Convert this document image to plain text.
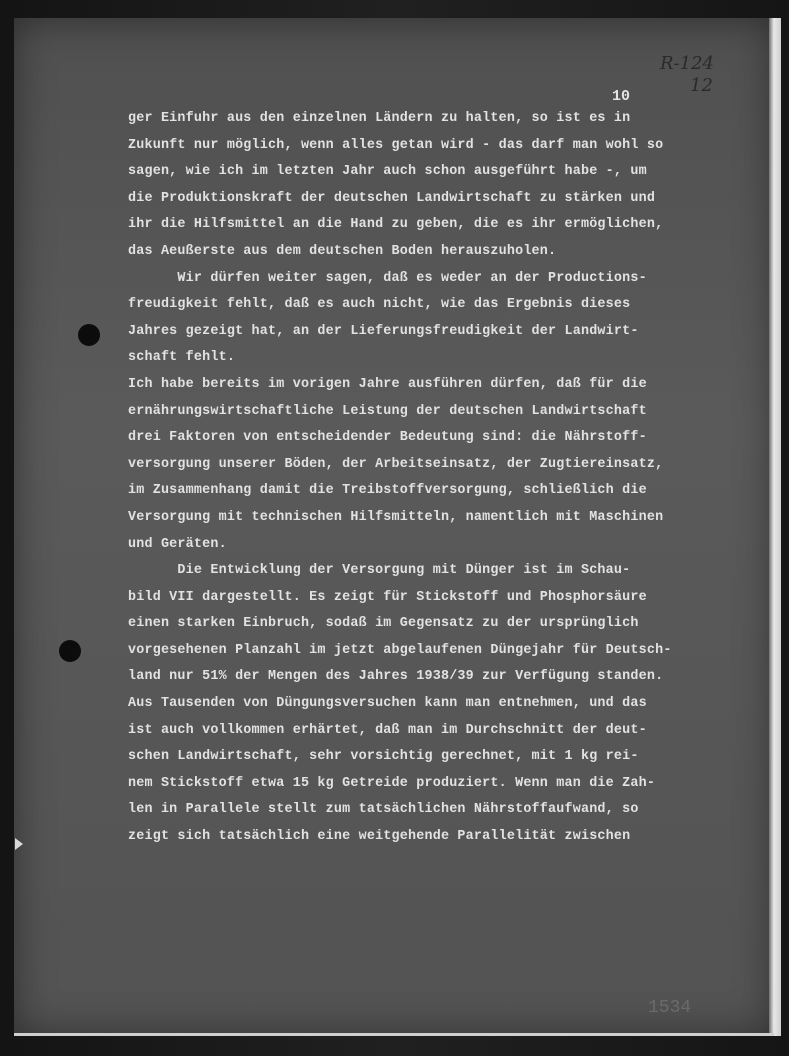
R-124
12
10
ger Einfuhr aus den einzelnen Ländern zu halten, so ist es in
Zukunft nur möglich, wenn alles getan wird - das darf man wohl so
sagen, wie ich im letzten Jahr auch schon ausgeführt habe -, um
die Produktionskraft der deutschen Landwirtschaft zu stärken und
ihr die Hilfsmittel an die Hand zu geben, die es ihr ermöglichen,
das Aeußerste aus dem deutschen Boden herauszuholen.
Wir dürfen weiter sagen, daß es weder an der Productions-
freudigkeit fehlt, daß es auch nicht, wie das Ergebnis dieses
Jahres gezeigt hat, an der Lieferungsfreudigkeit der Landwirt-
schaft fehlt.
Ich habe bereits im vorigen Jahre ausführen dürfen, daß für die
ernährungswirtschaftliche Leistung der deutschen Landwirtschaft
drei Faktoren von entscheidender Bedeutung sind: die Nährstoff-
versorgung unserer Böden, der Arbeitseinsatz, der Zugtiereinsatz,
im Zusammenhang damit die Treibstoffversorgung, schließlich die
Versorgung mit technischen Hilfsmitteln, namentlich mit Maschinen
und Geräten.
Die Entwicklung der Versorgung mit Dünger ist im Schau-
bild VII dargestellt. Es zeigt für Stickstoff und Phosphorsäure
einen starken Einbruch, sodaß im Gegensatz zu der ursprünglich
vorgesehenen Planzahl im jetzt abgelaufenen Düngejahr für Deutsch-
land nur 51% der Mengen des Jahres 1938/39 zur Verfügung standen.
Aus Tausenden von Düngungsversuchen kann man entnehmen, und das
ist auch vollkommen erhärtet, daß man im Durchschnitt der deut-
schen Landwirtschaft, sehr vorsichtig gerechnet, mit 1 kg rei-
nem Stickstoff etwa 15 kg Getreide produziert. Wenn man die Zah-
len in Parallele stellt zum tatsächlichen Nährstoffaufwand, so
zeigt sich tatsächlich eine weitgehende Parallelität zwischen
1534
